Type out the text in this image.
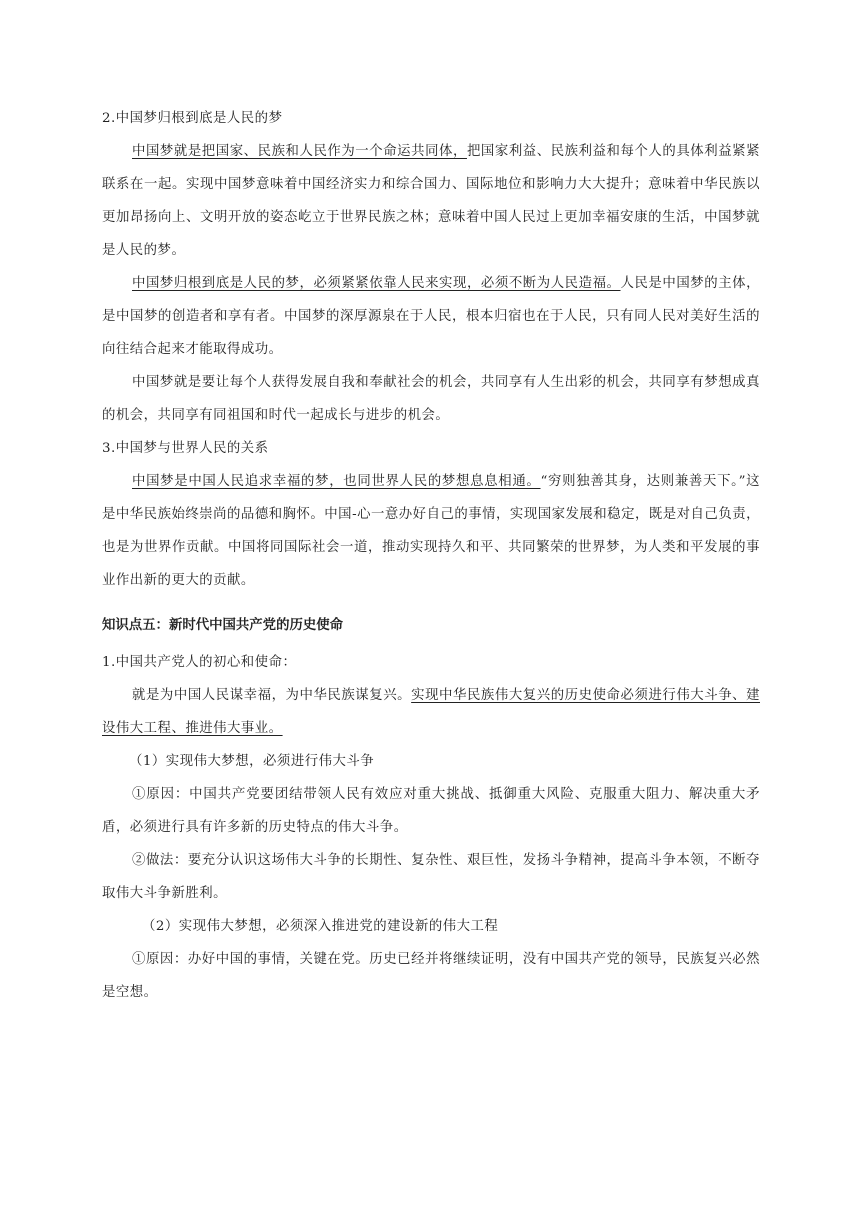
2.中国梦归根到底是人民的梦

中国梦就是把国家、民族和人民作为一个命运共同体，把国家利益、民族利益和每个人的具体利益紧紧联系在一起。实现中国梦意味着中国经济实力和综合国力、国际地位和影响力大大提升；意味着中华民族以更加昂扬向上、文明开放的姿态屹立于世界民族之林；意味着中国人民过上更加幸福安康的生活，中国梦就是人民的梦。

中国梦归根到底是人民的梦，必须紧紧依靠人民来实现，必须不断为人民造福。人民是中国梦的主体，是中国梦的创造者和享有者。中国梦的深厚源泉在于人民，根本归宿也在于人民，只有同人民对美好生活的向往结合起来才能取得成功。

中国梦就是要让每个人获得发展自我和奉献社会的机会，共同享有人生出彩的机会，共同享有梦想成真的机会，共同享有同祖国和时代一起成长与进步的机会。

3.中国梦与世界人民的关系

中国梦是中国人民追求幸福的梦，也同世界人民的梦想息息相通。“穷则独善其身，达则兼善天下。”这是中华民族始终崇尚的品德和胸怀。中国-心一意办好自己的事情，实现国家发展和稳定，既是对自己负责，也是为世界作贡献。中国将同国际社会一道，推动实现持久和平、共同繁荣的世界梦，为人类和平发展的事业作出新的更大的贡献。

知识点五：新时代中国共产党的历史使命

1.中国共产党人的初心和使命：

就是为中国人民谋幸福，为中华民族谋复兴。实现中华民族伟大复兴的历史使命必须进行伟大斗争、建设伟大工程、推进伟大事业。

（1）实现伟大梦想，必须进行伟大斗争

①原因：中国共产党要团结带领人民有效应对重大挑战、抵御重大风险、克服重大阻力、解决重大矛盾，必须进行具有许多新的历史特点的伟大斗争。

②做法：要充分认识这场伟大斗争的长期性、复杂性、艰巨性，发扬斗争精神，提高斗争本领，不断夺取伟大斗争新胜利。

（2）实现伟大梦想，必须深入推进党的建设新的伟大工程

①原因：办好中国的事情，关键在党。历史已经并将继续证明，没有中国共产党的领导，民族复兴必然是空想。
